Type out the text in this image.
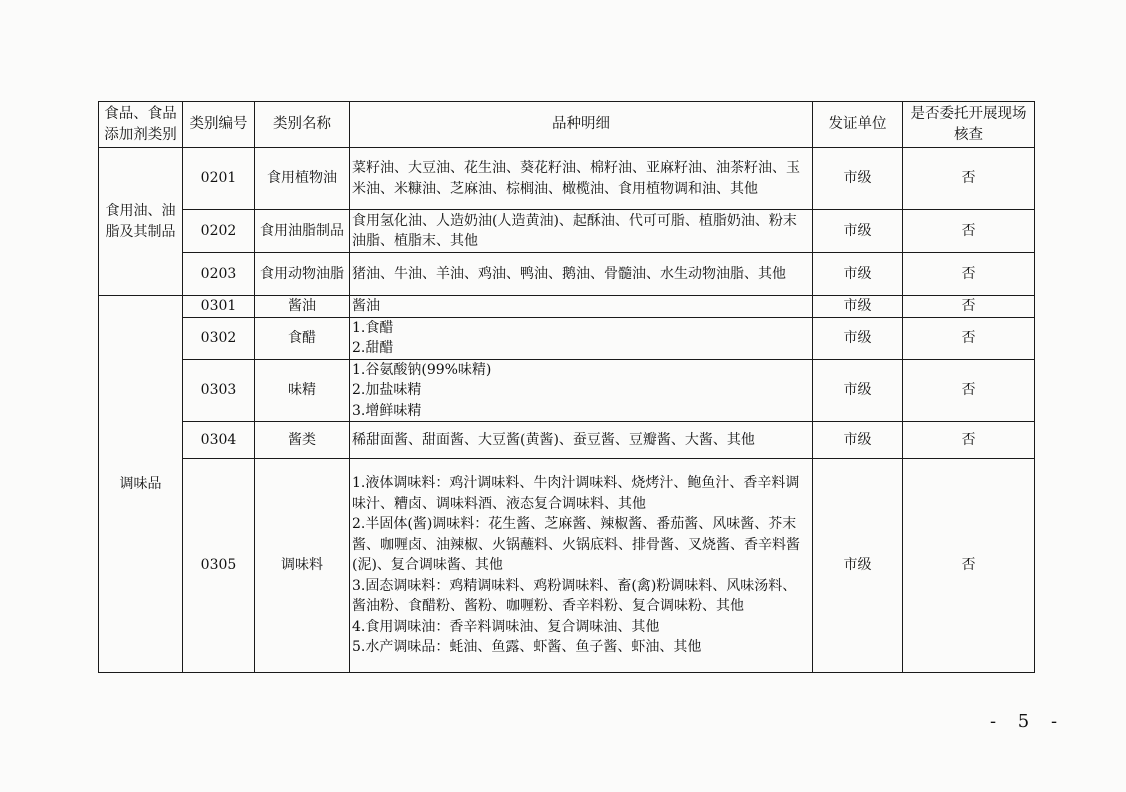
食品、食品添加剂类别	类别编号	类别名称	品种明细	发证单位	是否委托开展现场核查
食用油、油脂及其制品	0201	食用植物油	菜籽油、大豆油、花生油、葵花籽油、棉籽油、亚麻籽油、油茶籽油、玉米油、米糠油、芝麻油、棕榈油、橄榄油、食用植物调和油、其他	市级	否
	0202	食用油脂制品	食用氢化油、人造奶油(人造黄油)、起酥油、代可可脂、植脂奶油、粉末油脂、植脂末、其他	市级	否
	0203	食用动物油脂	猪油、牛油、羊油、鸡油、鸭油、鹅油、骨髓油、水生动物油脂、其他	市级	否
调味品	0301	酱油	酱油	市级	否
	0302	食醋	1.食醋
2.甜醋	市级	否
	0303	味精	1.谷氨酸钠(99%味精)
2.加盐味精
3.增鲜味精	市级	否
	0304	酱类	稀甜面酱、甜面酱、大豆酱(黄酱)、蚕豆酱、豆瓣酱、大酱、其他	市级	否
	0305	调味料	1.液体调味料：鸡汁调味料、牛肉汁调味料、烧烤汁、鲍鱼汁、香辛料调味汁、糟卤、调味料酒、液态复合调味料、其他
2.半固体(酱)调味料：花生酱、芝麻酱、辣椒酱、番茄酱、风味酱、芥末酱、咖喱卤、油辣椒、火锅蘸料、火锅底料、排骨酱、叉烧酱、香辛料酱(泥)、复合调味酱、其他
3.固态调味料：鸡精调味料、鸡粉调味料、畜(禽)粉调味料、风味汤料、酱油粉、食醋粉、酱粉、咖喱粉、香辛料粉、复合调味粉、其他
4.食用调味油：香辛料调味油、复合调味油、其他
5.水产调味品：蚝油、鱼露、虾酱、鱼子酱、虾油、其他	市级	否
- 5 -
